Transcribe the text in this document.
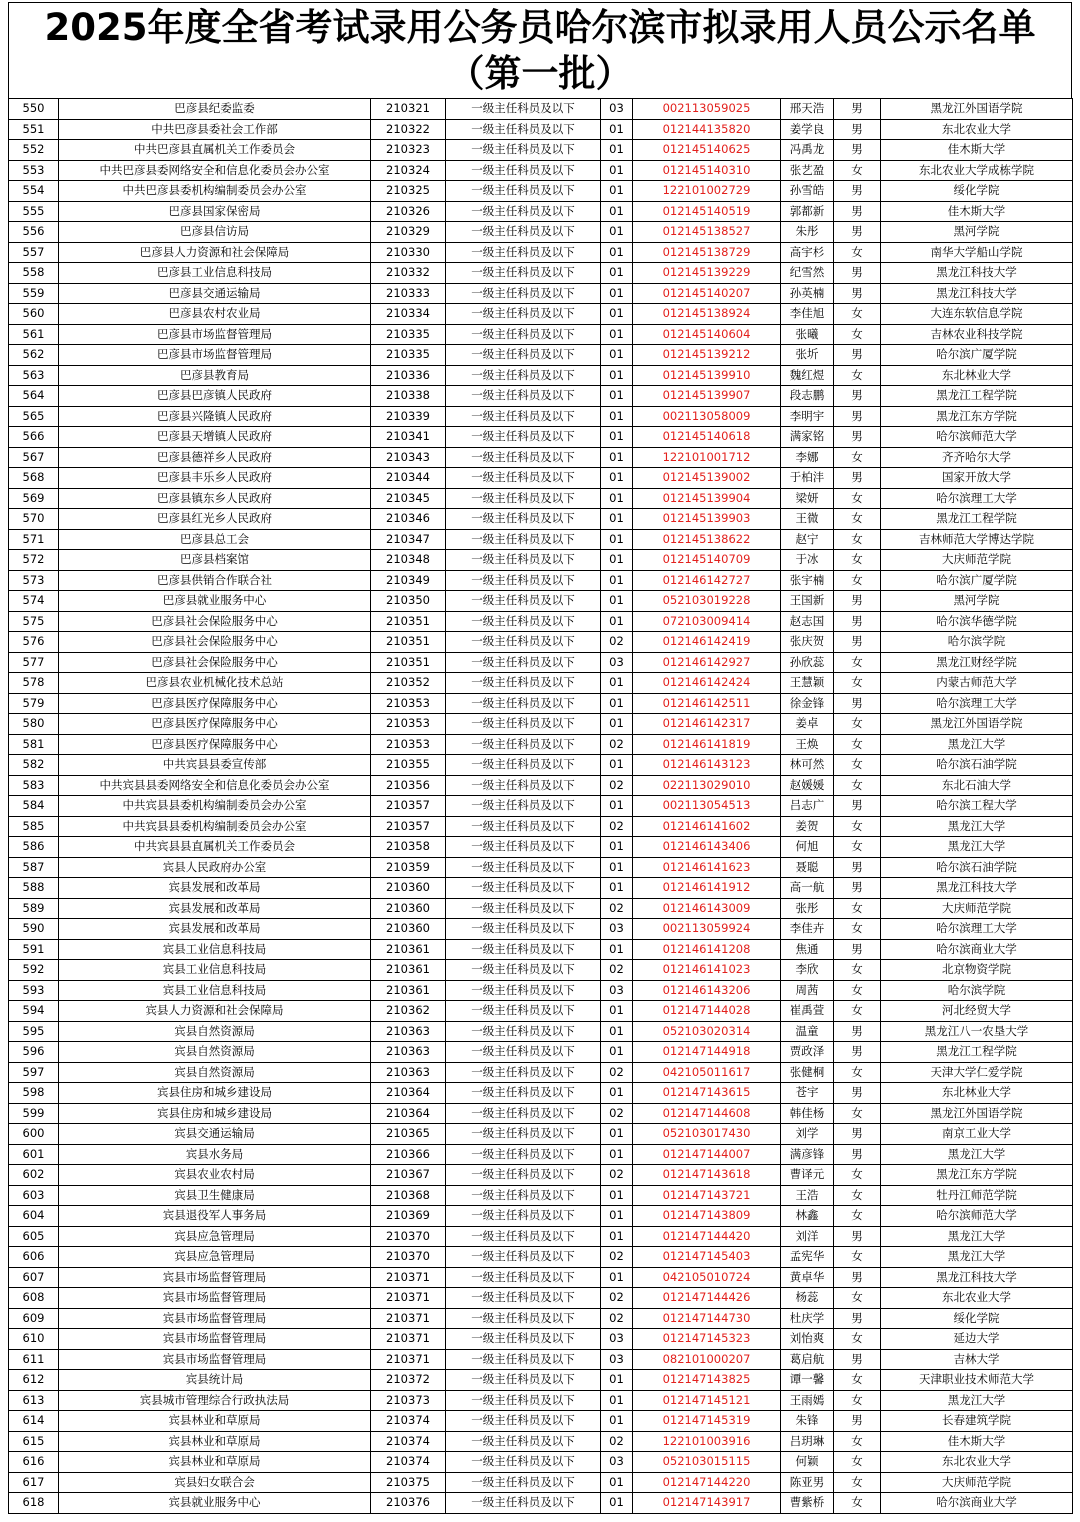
2025年度全省考试录用公务员哈尔滨市拟录用人员公示名单（第一批）
550	巴彦县纪委监委	210321	一级主任科员及以下	03	002113059025	邢天浩	男	黑龙江外国语学院
551	中共巴彦县委社会工作部	210322	一级主任科员及以下	01	012144135820	姜学良	男	东北农业大学
552	中共巴彦县直属机关工作委员会	210323	一级主任科员及以下	01	012145140625	冯禹龙	男	佳木斯大学
553	中共巴彦县委网络安全和信息化委员会办公室	210324	一级主任科员及以下	01	012145140310	张艺盈	女	东北农业大学成栋学院
554	中共巴彦县委机构编制委员会办公室	210325	一级主任科员及以下	01	122101002729	孙雪皓	男	绥化学院
555	巴彦县国家保密局	210326	一级主任科员及以下	01	012145140519	郭都新	男	佳木斯大学
556	巴彦县信访局	210329	一级主任科员及以下	01	012145138527	朱彤	男	黑河学院
557	巴彦县人力资源和社会保障局	210330	一级主任科员及以下	01	012145138729	高宇杉	女	南华大学船山学院
558	巴彦县工业信息科技局	210332	一级主任科员及以下	01	012145139229	纪雪然	男	黑龙江科技大学
559	巴彦县交通运输局	210333	一级主任科员及以下	01	012145140207	孙英楠	男	黑龙江科技大学
560	巴彦县农村农业局	210334	一级主任科员及以下	01	012145138924	李佳旭	女	大连东软信息学院
561	巴彦县市场监督管理局	210335	一级主任科员及以下	01	012145140604	张曦	女	吉林农业科技学院
562	巴彦县市场监督管理局	210335	一级主任科员及以下	01	012145139212	张圻	男	哈尔滨广厦学院
563	巴彦县教育局	210336	一级主任科员及以下	01	012145139910	魏红煜	女	东北林业大学
564	巴彦县巴彦镇人民政府	210338	一级主任科员及以下	01	012145139907	段志鹏	男	黑龙江工程学院
565	巴彦县兴隆镇人民政府	210339	一级主任科员及以下	01	002113058009	李明宇	男	黑龙江东方学院
566	巴彦县天增镇人民政府	210341	一级主任科员及以下	01	012145140618	满家铭	男	哈尔滨师范大学
567	巴彦县德祥乡人民政府	210343	一级主任科员及以下	01	122101001712	李娜	女	齐齐哈尔大学
568	巴彦县丰乐乡人民政府	210344	一级主任科员及以下	01	012145139002	于柏沣	男	国家开放大学
569	巴彦县镇东乡人民政府	210345	一级主任科员及以下	01	012145139904	梁妍	女	哈尔滨理工大学
570	巴彦县红光乡人民政府	210346	一级主任科员及以下	01	012145139903	王微	女	黑龙江工程学院
571	巴彦县总工会	210347	一级主任科员及以下	01	012145138622	赵宁	女	吉林师范大学博达学院
572	巴彦县档案馆	210348	一级主任科员及以下	01	012145140709	于冰	女	大庆师范学院
573	巴彦县供销合作联合社	210349	一级主任科员及以下	01	012146142727	张宇楠	女	哈尔滨广厦学院
574	巴彦县就业服务中心	210350	一级主任科员及以下	01	052103019228	王国新	男	黑河学院
575	巴彦县社会保险服务中心	210351	一级主任科员及以下	01	072103009414	赵志国	男	哈尔滨华德学院
576	巴彦县社会保险服务中心	210351	一级主任科员及以下	02	012146142419	张庆贺	男	哈尔滨学院
577	巴彦县社会保险服务中心	210351	一级主任科员及以下	03	012146142927	孙欣蕊	女	黑龙江财经学院
578	巴彦县农业机械化技术总站	210352	一级主任科员及以下	01	012146142424	王慧颖	女	内蒙古师范大学
579	巴彦县医疗保障服务中心	210353	一级主任科员及以下	01	012146142511	徐金锋	男	哈尔滨理工大学
580	巴彦县医疗保障服务中心	210353	一级主任科员及以下	01	012146142317	姜卓	女	黑龙江外国语学院
581	巴彦县医疗保障服务中心	210353	一级主任科员及以下	02	012146141819	王焕	女	黑龙江大学
582	中共宾县县委宣传部	210355	一级主任科员及以下	01	012146143123	林可然	女	哈尔滨石油学院
583	中共宾县县委网络安全和信息化委员会办公室	210356	一级主任科员及以下	02	022113029010	赵媛媛	女	东北石油大学
584	中共宾县县委机构编制委员会办公室	210357	一级主任科员及以下	01	002113054513	吕志广	男	哈尔滨工程大学
585	中共宾县县委机构编制委员会办公室	210357	一级主任科员及以下	02	012146141602	姜贺	女	黑龙江大学
586	中共宾县县直属机关工作委员会	210358	一级主任科员及以下	01	012146143406	何旭	女	黑龙江大学
587	宾县人民政府办公室	210359	一级主任科员及以下	01	012146141623	聂聪	男	哈尔滨石油学院
588	宾县发展和改革局	210360	一级主任科员及以下	01	012146141912	高一航	男	黑龙江科技大学
589	宾县发展和改革局	210360	一级主任科员及以下	02	012146143009	张彤	女	大庆师范学院
590	宾县发展和改革局	210360	一级主任科员及以下	03	002113059924	李佳卉	女	哈尔滨理工大学
591	宾县工业信息科技局	210361	一级主任科员及以下	01	012146141208	焦通	男	哈尔滨商业大学
592	宾县工业信息科技局	210361	一级主任科员及以下	02	012146141023	李欣	女	北京物资学院
593	宾县工业信息科技局	210361	一级主任科员及以下	03	012146143206	周茜	女	哈尔滨学院
594	宾县人力资源和社会保障局	210362	一级主任科员及以下	01	012147144028	崔禹萱	女	河北经贸大学
595	宾县自然资源局	210363	一级主任科员及以下	01	052103020314	温童	男	黑龙江八一农垦大学
596	宾县自然资源局	210363	一级主任科员及以下	01	012147144918	贾政泽	男	黑龙江工程学院
597	宾县自然资源局	210363	一级主任科员及以下	02	042105011617	张健桐	女	天津大学仁爱学院
598	宾县住房和城乡建设局	210364	一级主任科员及以下	01	012147143615	苍宇	男	东北林业大学
599	宾县住房和城乡建设局	210364	一级主任科员及以下	02	012147144608	韩佳杨	女	黑龙江外国语学院
600	宾县交通运输局	210365	一级主任科员及以下	01	052103017430	刘学	男	南京工业大学
601	宾县水务局	210366	一级主任科员及以下	01	012147144007	满彦锋	男	黑龙江大学
602	宾县农业农村局	210367	一级主任科员及以下	02	012147143618	曹译元	女	黑龙江东方学院
603	宾县卫生健康局	210368	一级主任科员及以下	01	012147143721	王浩	女	牡丹江师范学院
604	宾县退役军人事务局	210369	一级主任科员及以下	01	012147143809	林鑫	女	哈尔滨师范大学
605	宾县应急管理局	210370	一级主任科员及以下	01	012147144420	刘洋	男	黑龙江大学
606	宾县应急管理局	210370	一级主任科员及以下	02	012147145403	孟宪华	女	黑龙江大学
607	宾县市场监督管理局	210371	一级主任科员及以下	01	042105010724	黄卓华	男	黑龙江科技大学
608	宾县市场监督管理局	210371	一级主任科员及以下	02	012147144426	杨蕊	女	东北农业大学
609	宾县市场监督管理局	210371	一级主任科员及以下	02	012147144730	杜庆学	男	绥化学院
610	宾县市场监督管理局	210371	一级主任科员及以下	03	012147145323	刘怡爽	女	延边大学
611	宾县市场监督管理局	210371	一级主任科员及以下	03	082101000207	葛启航	男	吉林大学
612	宾县统计局	210372	一级主任科员及以下	01	012147143825	谭一馨	女	天津职业技术师范大学
613	宾县城市管理综合行政执法局	210373	一级主任科员及以下	01	012147145121	王雨嫣	女	黑龙江大学
614	宾县林业和草原局	210374	一级主任科员及以下	01	012147145319	朱锋	男	长春建筑学院
615	宾县林业和草原局	210374	一级主任科员及以下	02	122101003916	吕玥琳	女	佳木斯大学
616	宾县林业和草原局	210374	一级主任科员及以下	03	052103015115	何颖	女	东北农业大学
617	宾县妇女联合会	210375	一级主任科员及以下	01	012147144220	陈亚男	女	大庆师范学院
618	宾县就业服务中心	210376	一级主任科员及以下	01	012147143917	曹紫桥	女	哈尔滨商业大学
